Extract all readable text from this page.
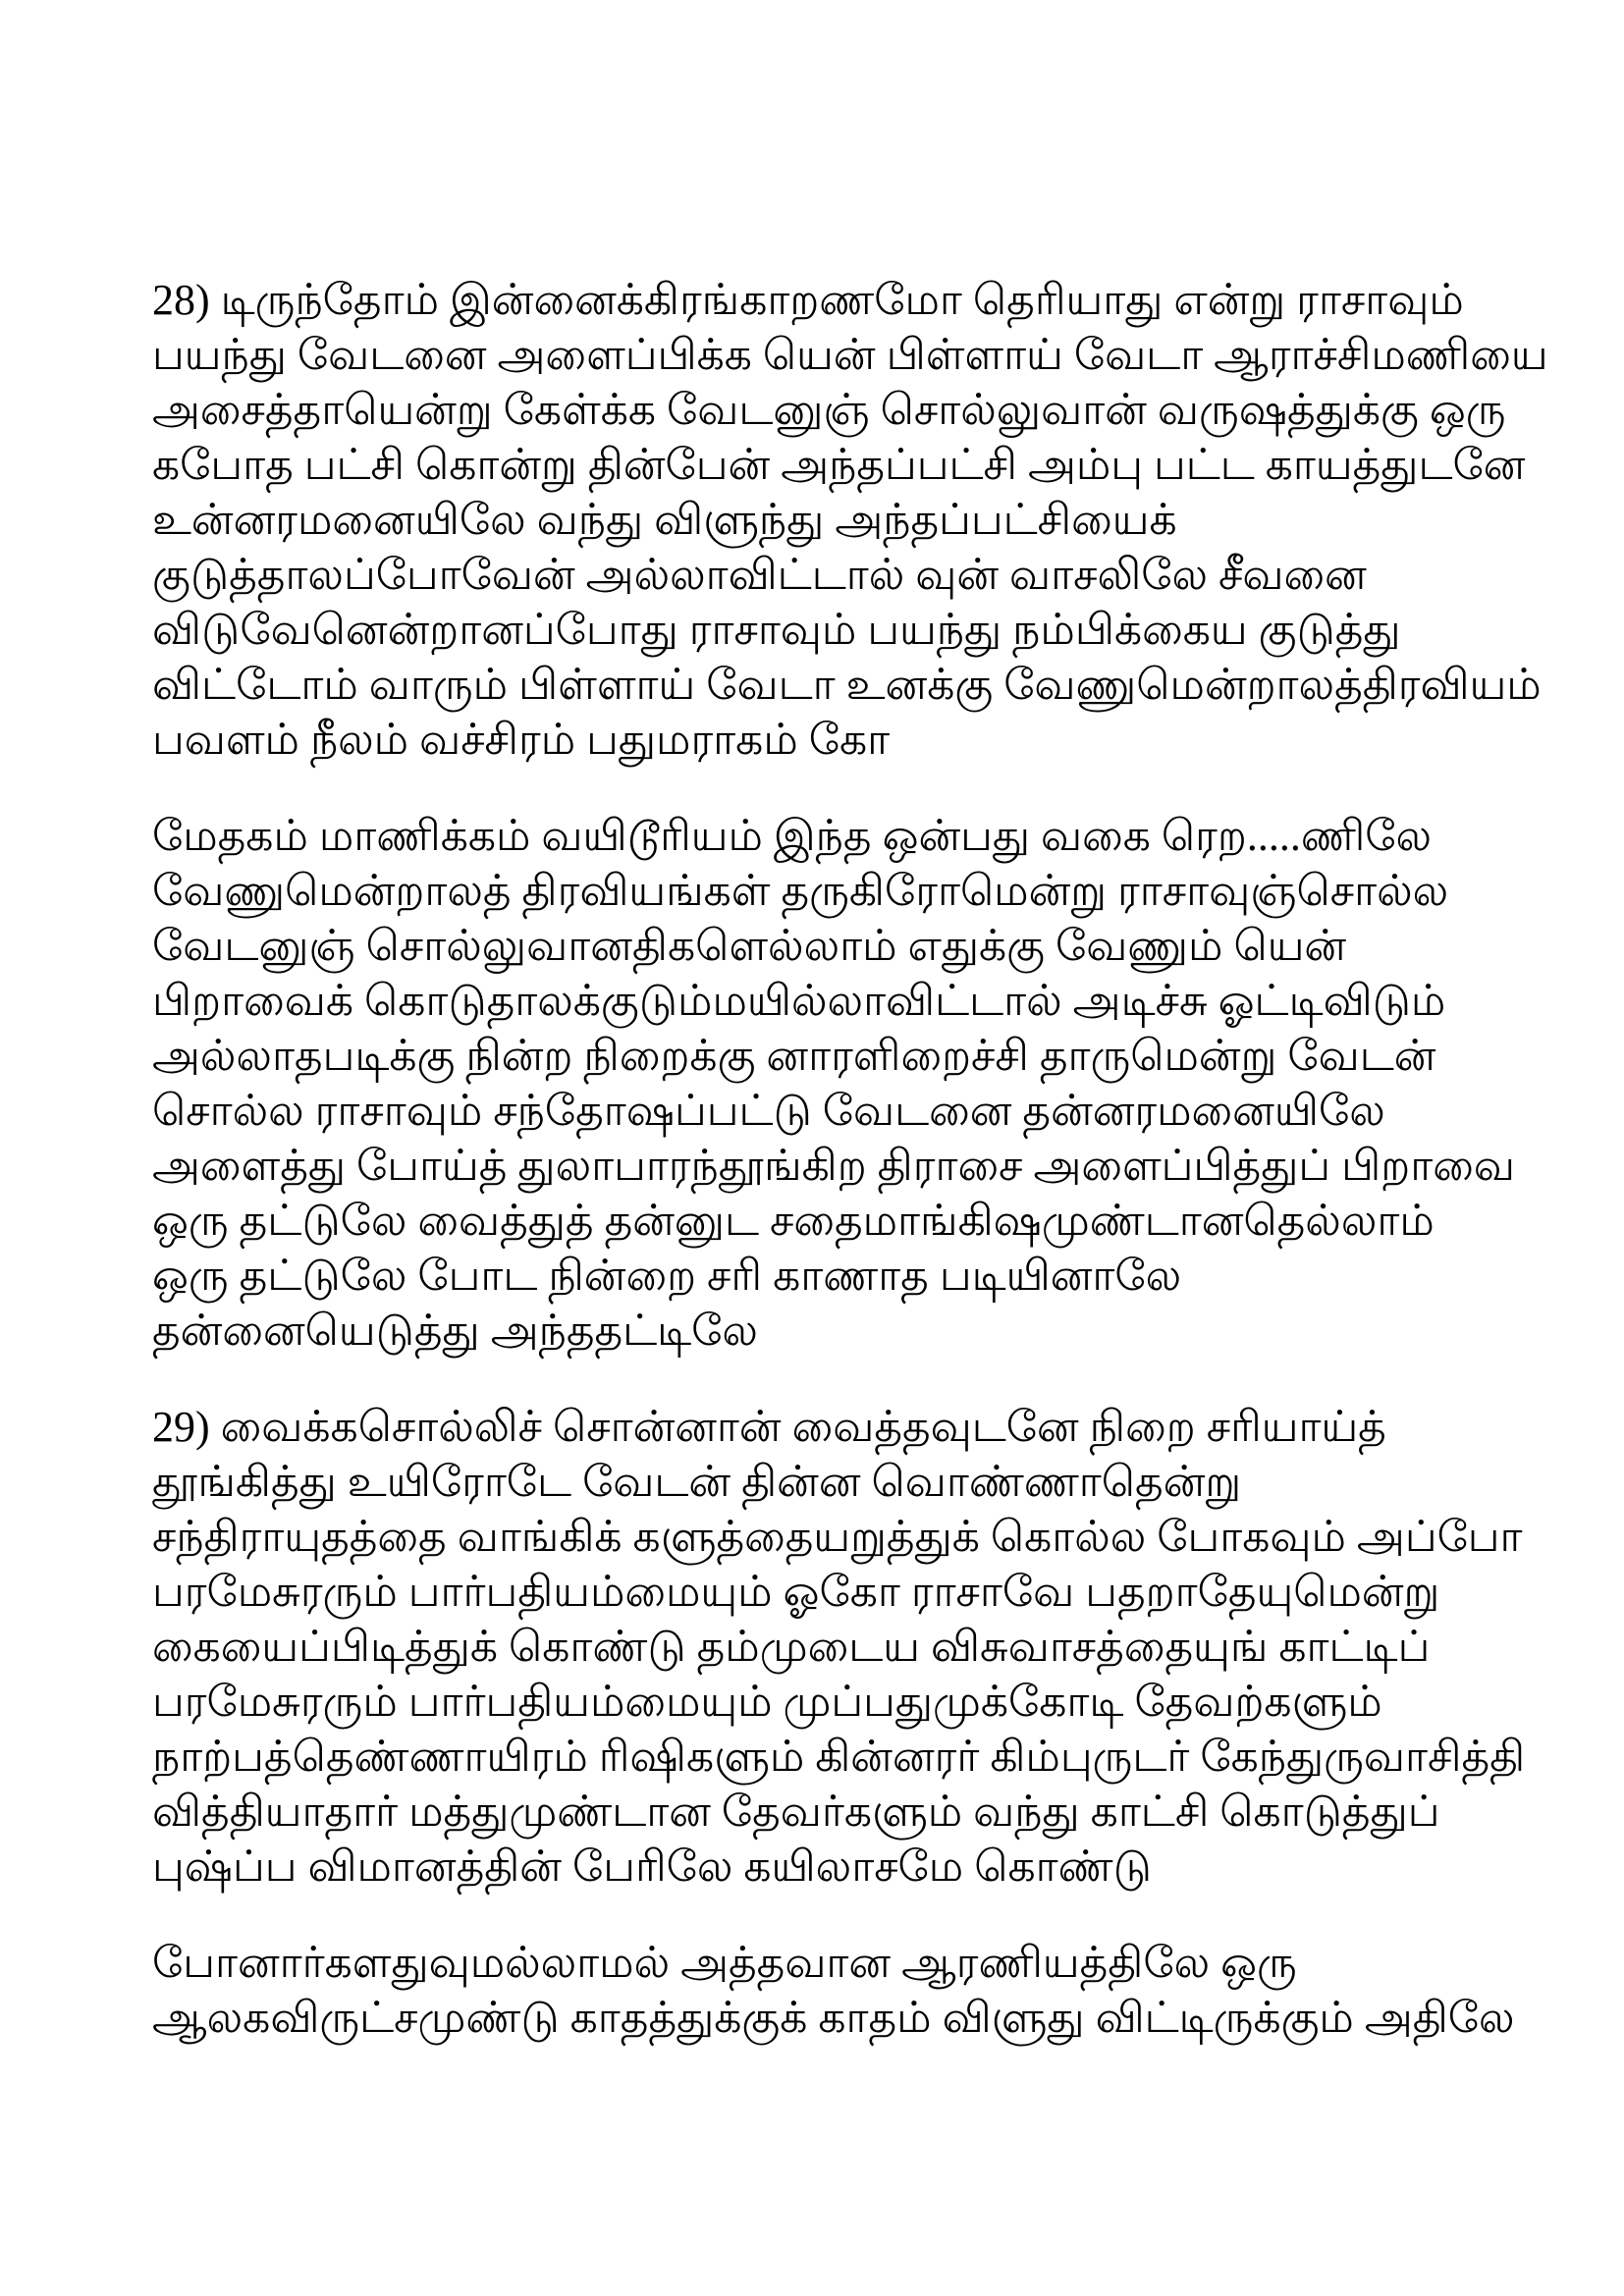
28) டிருந்தோம் இன்னைக்கிரங்காறணமோ தெரியாது என்று ராசாவும்
பயந்து வேடனை அளைப்பிக்க யென் பிள்ளாய் வேடா ஆராச்சிமணியை
அசைத்தாயென்று கேள்க்க வேடனுஞ் சொல்லுவான் வருஷத்துக்கு ஒரு
கபோத பட்சி கொன்று தின்பேன் அந்தப்பட்சி அம்பு பட்ட காயத்துடனே
உன்னரமனையிலே வந்து விளுந்து அந்தப்பட்சியைக்
குடுத்தாலப்போவேன் அல்லாவிட்டால் வுன் வாசலிலே சீவனை
விடுவேனென்றானப்போது ராசாவும் பயந்து நம்பிக்கைய குடுத்து
விட்டோம் வாரும் பிள்ளாய் வேடா உனக்கு வேணுமென்றாலத்திரவியம்
பவளம் நீலம் வச்சிரம் பதுமராகம் கோ
மேதகம் மாணிக்கம் வயிடூரியம் இந்த ஒன்பது வகை ரெற.....ணிலே
வேணுமென்றாலத் திரவியங்கள் தருகிரோமென்று ராசாவுஞ்சொல்ல
வேடனுஞ் சொல்லுவானதிகளெல்லாம் எதுக்கு வேணும் யென்
பிறாவைக் கொடுதாலக்குடும்மயில்லாவிட்டால் அடிச்சு ஓட்டிவிடும்
அல்லாதபடிக்கு நின்ற நிறைக்கு னாரளிறைச்சி தாருமென்று வேடன்
சொல்ல ராசாவும் சந்தோஷப்பட்டு வேடனை தன்னரமனையிலே
அளைத்து போய்த் துலாபாரந்தூங்கிற திராசை அளைப்பித்துப் பிறாவை
ஒரு தட்டுலே வைத்துத் தன்னுட சதைமாங்கிஷமுண்டானதெல்லாம்
ஒரு தட்டுலே போட நின்றை சரி காணாத படியினாலே
தன்னையெடுத்து அந்ததட்டிலே
29) வைக்கசொல்லிச் சொன்னான் வைத்தவுடனே நிறை சரியாய்த்
தூங்கித்து உயிரோடே வேடன் தின்ன வொண்ணாதென்று
சந்திராயுதத்தை வாங்கிக் களுத்தையறுத்துக் கொல்ல போகவும் அப்போ
பரமேசுரரும் பார்பதியம்மையும் ஓகோ ராசாவே பதறாதேயுமென்று
கையைப்பிடித்துக் கொண்டு தம்முடைய விசுவாசத்தையுங் காட்டிப்
பரமேசுரரும் பார்பதியம்மையும் முப்பதுமுக்கோடி தேவற்களும்
நாற்பத்தெண்ணாயிரம் ரிஷிகளும் கின்னரர் கிம்புருடர் கேந்துருவாசித்தி
வித்தியாதார் மத்துமுண்டான தேவர்களும் வந்து காட்சி கொடுத்துப்
புஷ்ப்ப விமானத்தின் பேரிலே கயிலாசமே கொண்டு
போனார்களதுவுமல்லாமல் அத்தவான ஆரணியத்திலே ஒரு
ஆலகவிருட்சமுண்டு காதத்துக்குக் காதம் விளுது விட்டிருக்கும் அதிலே
